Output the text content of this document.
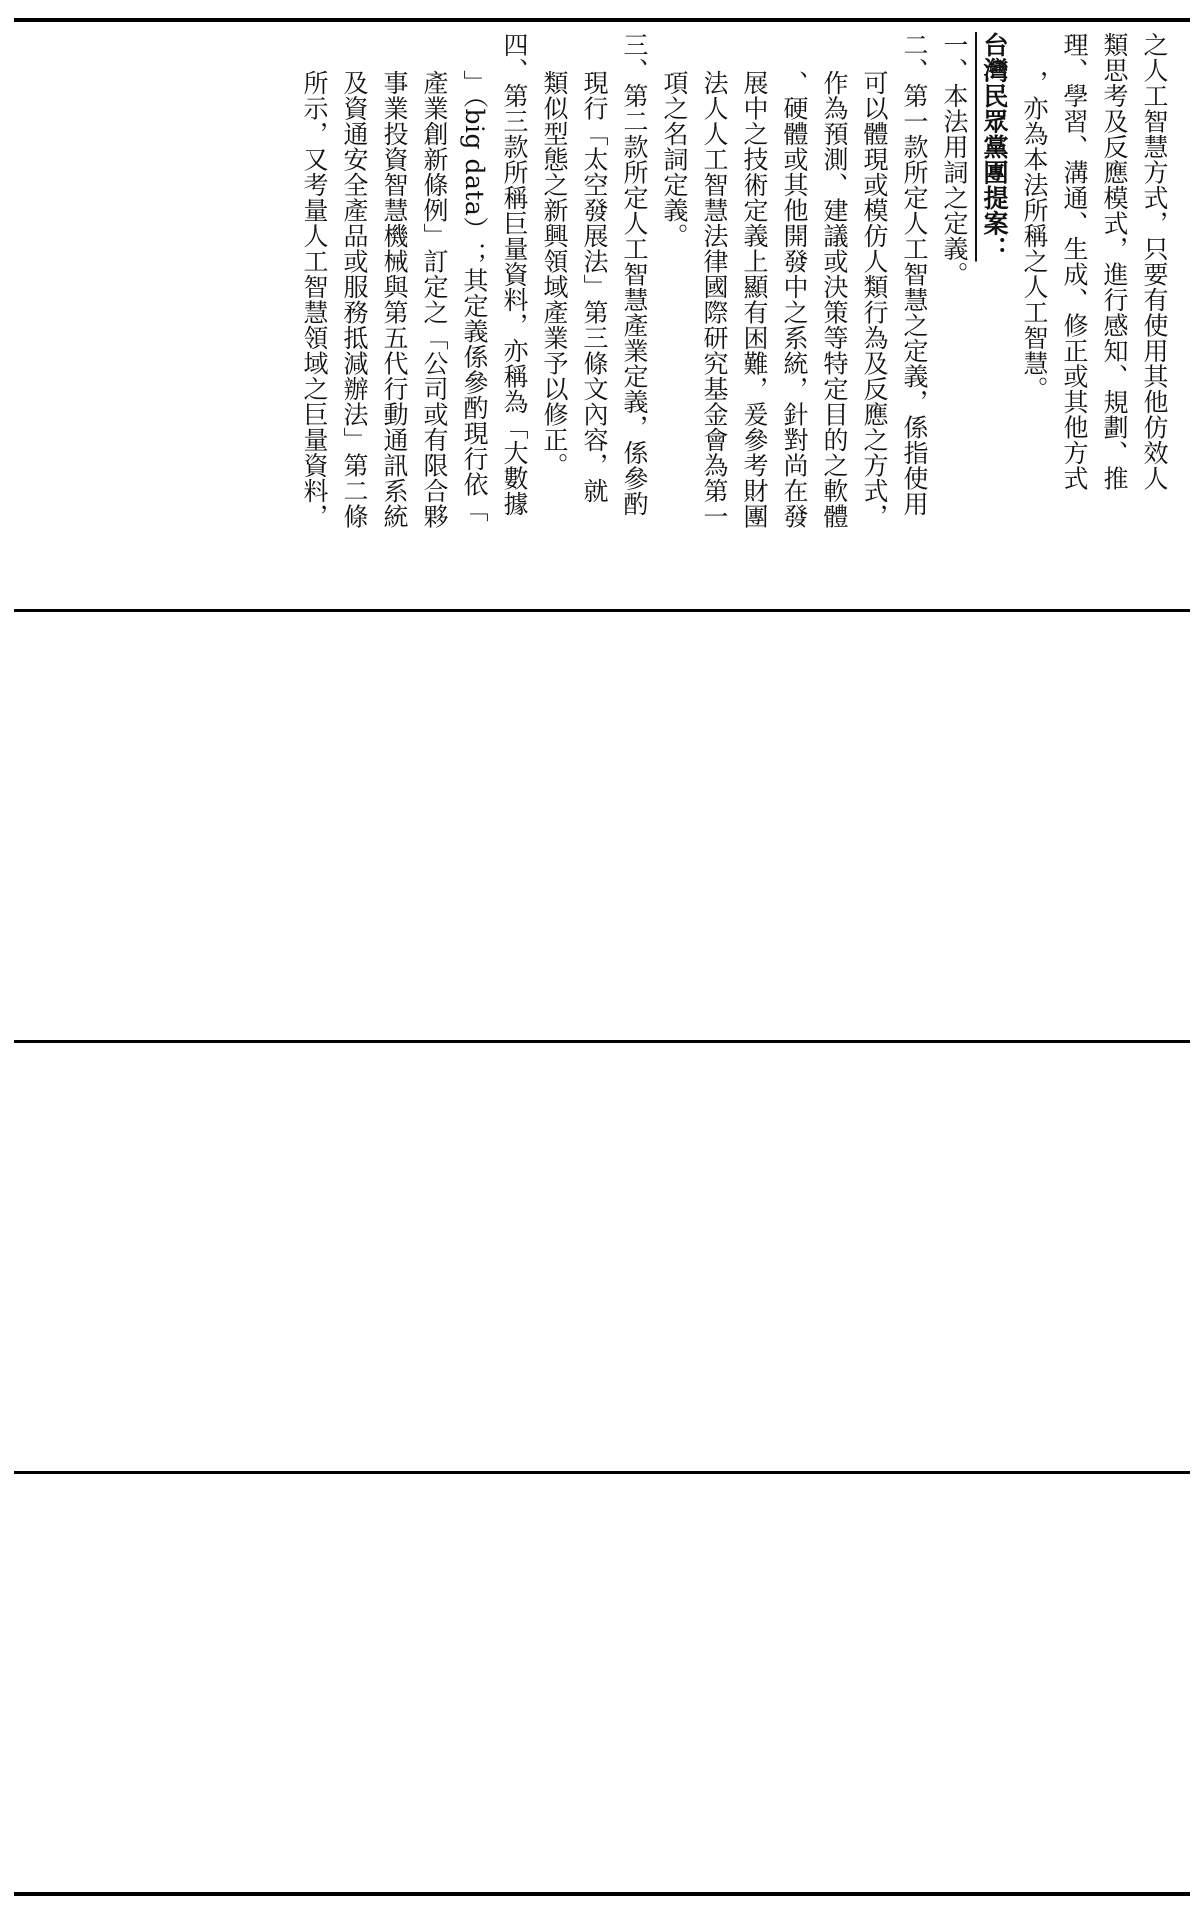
之人工智慧方式，只要有使用其他仿效人
類思考及反應模式，進行感知、規劃、推
理、學習、溝通、生成、修正或其他方式
，亦為本法所稱之人工智慧。
台灣民眾黨團提案：
一、本法用詞之定義。
二、第一款所定人工智慧之定義，係指使用
可以體現或模仿人類行為及反應之方式，
作為預測、建議或決策等特定目的之軟體
、硬體或其他開發中之系統，針對尚在發
展中之技術定義上顯有困難，爰參考財團
法人人工智慧法律國際研究基金會為第一
項之名詞定義。
三、第二款所定人工智慧產業定義，係參酌
現行「太空發展法」第三條文內容，就
類似型態之新興領域產業予以修正。
四、第三款所稱巨量資料，亦稱為「大數據
」（big data）；其定義係參酌現行依「
產業創新條例」訂定之「公司或有限合夥
事業投資智慧機械與第五代行動通訊系統
及資通安全產品或服務抵減辦法」第二條
所示，又考量人工智慧領域之巨量資料，
